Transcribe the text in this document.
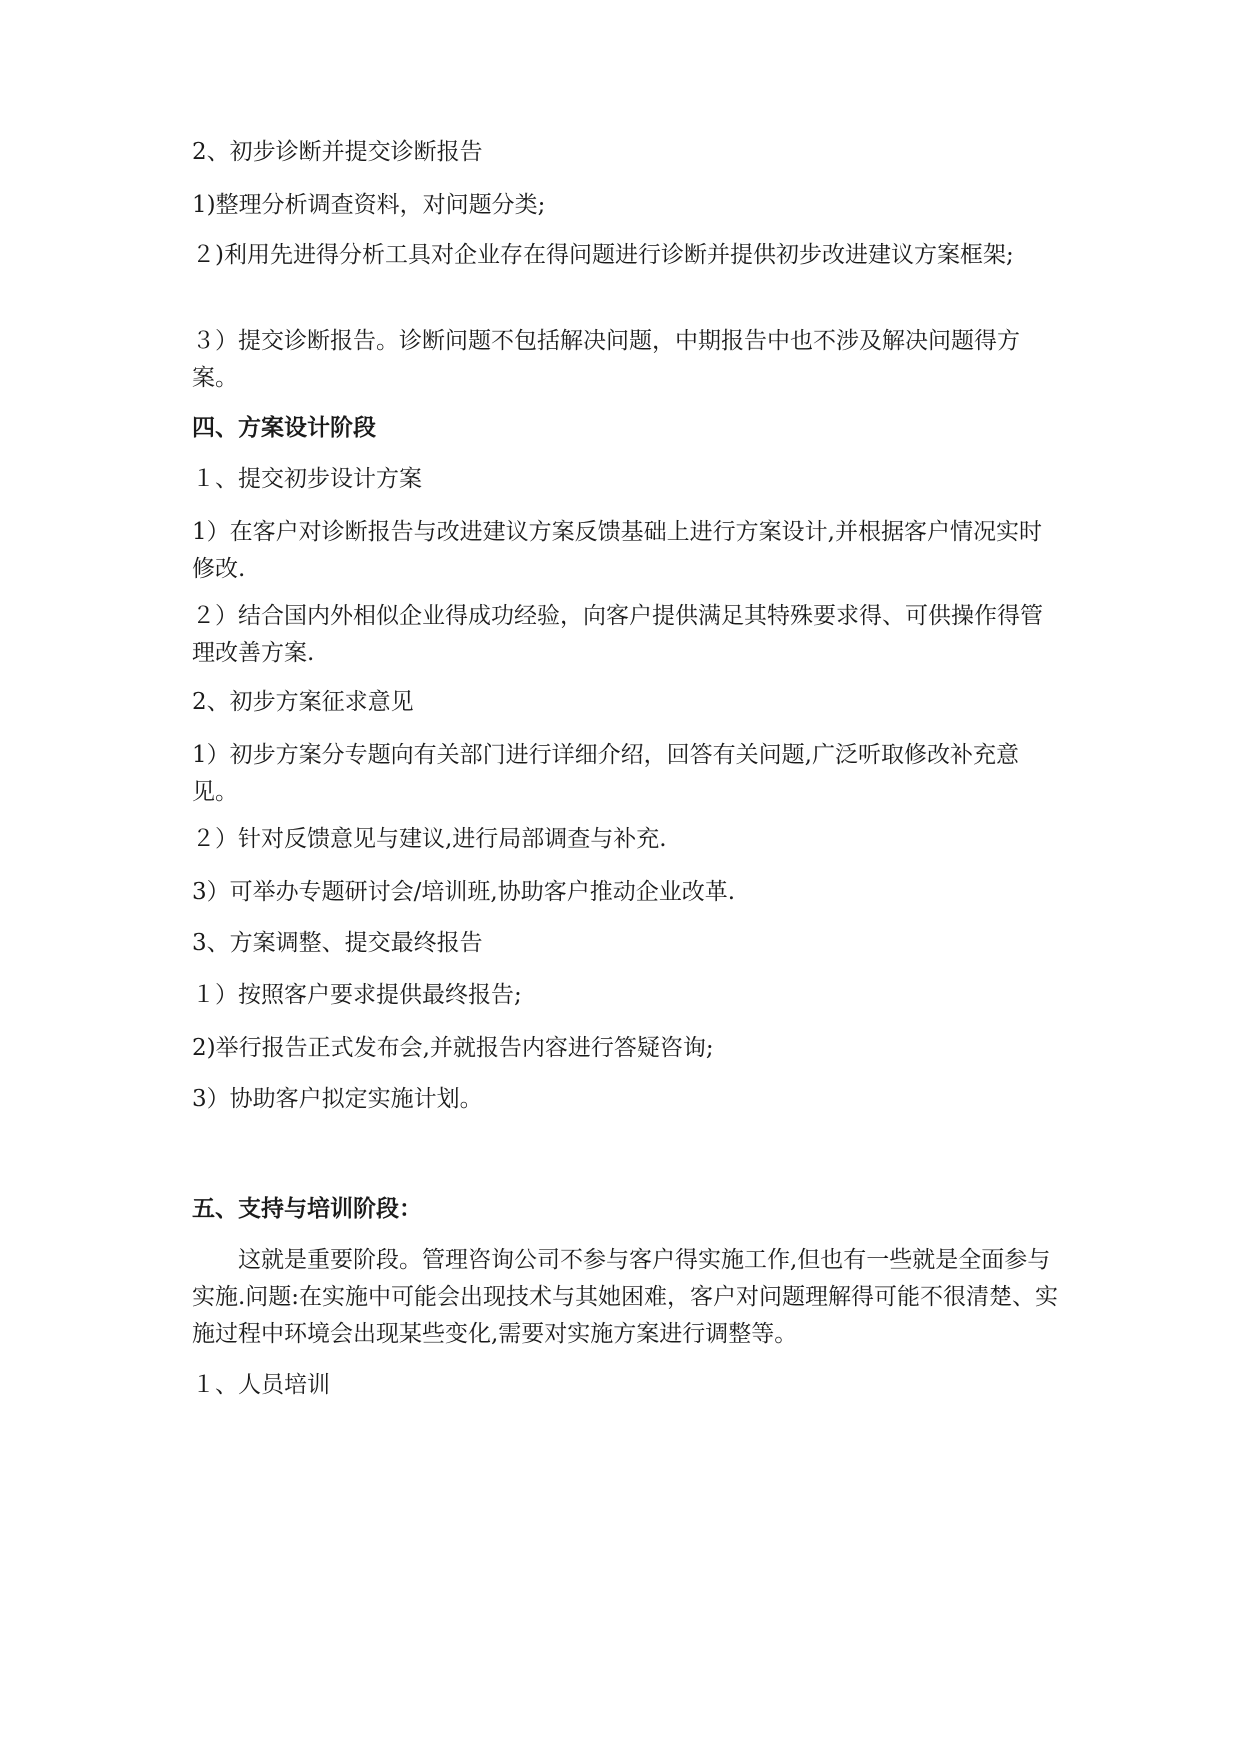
2、初步诊断并提交诊断报告

1)整理分析调查资料，对问题分类;

２)利用先进得分析工具对企业存在得问题进行诊断并提供初步改进建议方案框架;

３）提交诊断报告。诊断问题不包括解决问题，中期报告中也不涉及解决问题得方案。

四、方案设计阶段

１、提交初步设计方案

1）在客户对诊断报告与改进建议方案反馈基础上进行方案设计,并根据客户情况实时修改.

２）结合国内外相似企业得成功经验，向客户提供满足其特殊要求得、可供操作得管理改善方案.

2、初步方案征求意见

1）初步方案分专题向有关部门进行详细介绍，回答有关问题,广泛听取修改补充意见。

２）针对反馈意见与建议,进行局部调查与补充.

3）可举办专题研讨会/培训班,协助客户推动企业改革.

3、方案调整、提交最终报告

１）按照客户要求提供最终报告;

2)举行报告正式发布会,并就报告内容进行答疑咨询;

3）协助客户拟定实施计划。

五、支持与培训阶段：

这就是重要阶段。管理咨询公司不参与客户得实施工作,但也有一些就是全面参与实施.问题:在实施中可能会出现技术与其她困难，客户对问题理解得可能不很清楚、实施过程中环境会出现某些变化,需要对实施方案进行调整等。

１、人员培训
